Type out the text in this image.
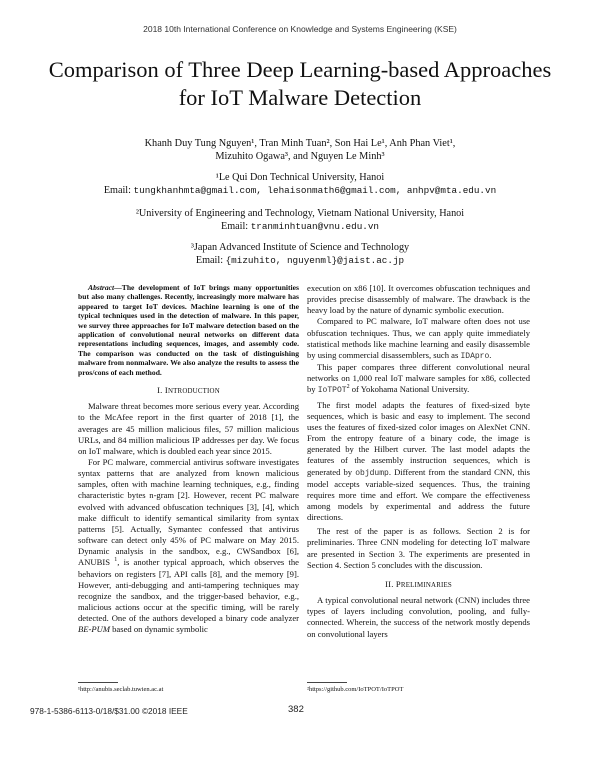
2018 10th International Conference on Knowledge and Systems Engineering (KSE)
Comparison of Three Deep Learning-based Approaches for IoT Malware Detection
Khanh Duy Tung Nguyen¹, Tran Minh Tuan², Son Hai Le¹, Anh Phan Viet¹,
Mizuhito Ogawa³, and Nguyen Le Minh³
¹Le Qui Don Technical University, Hanoi
Email: tungkhanhmta@gmail.com, lehaisonmath6@gmail.com, anhpv@mta.edu.vn
²University of Engineering and Technology, Vietnam National University, Hanoi
Email: tranminhtuan@vnu.edu.vn
³Japan Advanced Institute of Science and Technology
Email: {mizuhito, nguyenml}@jaist.ac.jp
Abstract—The development of IoT brings many opportunities but also many challenges. Recently, increasingly more malware has appeared to target IoT devices. Machine learning is one of the typical techniques used in the detection of malware. In this paper, we survey three approaches for IoT malware detection based on the application of convolutional neural networks on different data representations including sequences, images, and assembly code. The comparison was conducted on the task of distinguishing malware from nonmalware. We also analyze the results to assess the pros/cons of each method.
I. INTRODUCTION

Malware threat becomes more serious every year. According to the McAfee report in the first quarter of 2018 [1], the averages are 45 million malicious files, 57 million malicious URLs, and 84 million malicious IP addresses per day. We focus on IoT malware, which is doubled each year since 2015.

For PC malware, commercial antivirus software investigates syntax patterns that are analyzed from known malicious samples, often with machine learning techniques, e.g., finding characteristic bytes n-gram [2]. However, recent PC malware evolved with advanced obfuscation techniques [3], [4], which make difficult to identify semantical similarity from syntax patterns [5]. Actually, Symantec confessed that antivirus software can detect only 45% of PC malware on May 2015. Dynamic analysis in the sandbox, e.g., CWSandbox [6], ANUBIS $^1$, is another typical approach, which observes the behaviors on registers [7], API calls [8], and the memory [9]. However, anti-debugging and anti-tampering techniques may recognize the sandbox, and the trigger-based behavior, e.g., malicious actions occur at the specific timing, will be rarely detected. One of the authors developed a binary code analyzer BE-PUM based on dynamic symbolic

¹http://anubis.seclab.tuwien.ac.at

execution on x86 [10]. It overcomes obfuscation techniques and provides precise disassembly of malware. The drawback is the heavy load by the nature of dynamic symbolic execution.

Compared to PC malware, IoT malware often does not use obfuscation techniques. Thus, we can apply quite immediately statistical methods like machine learning and easily disassemble by using commercial disassemblers, such as IDApro.

This paper compares three different convolutional neural networks on 1,000 real IoT malware samples for x86, collected by IoTPOT$^2$ of Yokohama National University.

The first model adapts the features of fixed-sized byte sequences, which is basic and easy to implement. The second uses the features of fixed-sized color images on AlexNet CNN. From the entropy feature of a binary code, the image is generated by the Hilbert curver. The last model adapts the features of the assembly instruction sequences, which is generated by objdump. Different from the standard CNN, this model accepts variable-sized sequences. Thus, the training requires more time and effort. We compare the effectiveness among models by experimental and address the future directions.

The rest of the paper is as follows. Section 2 is for preliminaries. Three CNN modeling for detecting IoT malware are presented in Section 3. The experiments are presented in Section 4. Section 5 concludes with the discussion.

II. PRELIMINARIES

A typical convolutional neural network (CNN) includes three types of layers including convolution, pooling, and fully-connected. Wherein, the success of the network mostly depends on convolutional layers

²https://github.com/IoTPOT/IoTPOT
978-1-5386-6113-0/18/$31.00 ©2018 IEEE	382
